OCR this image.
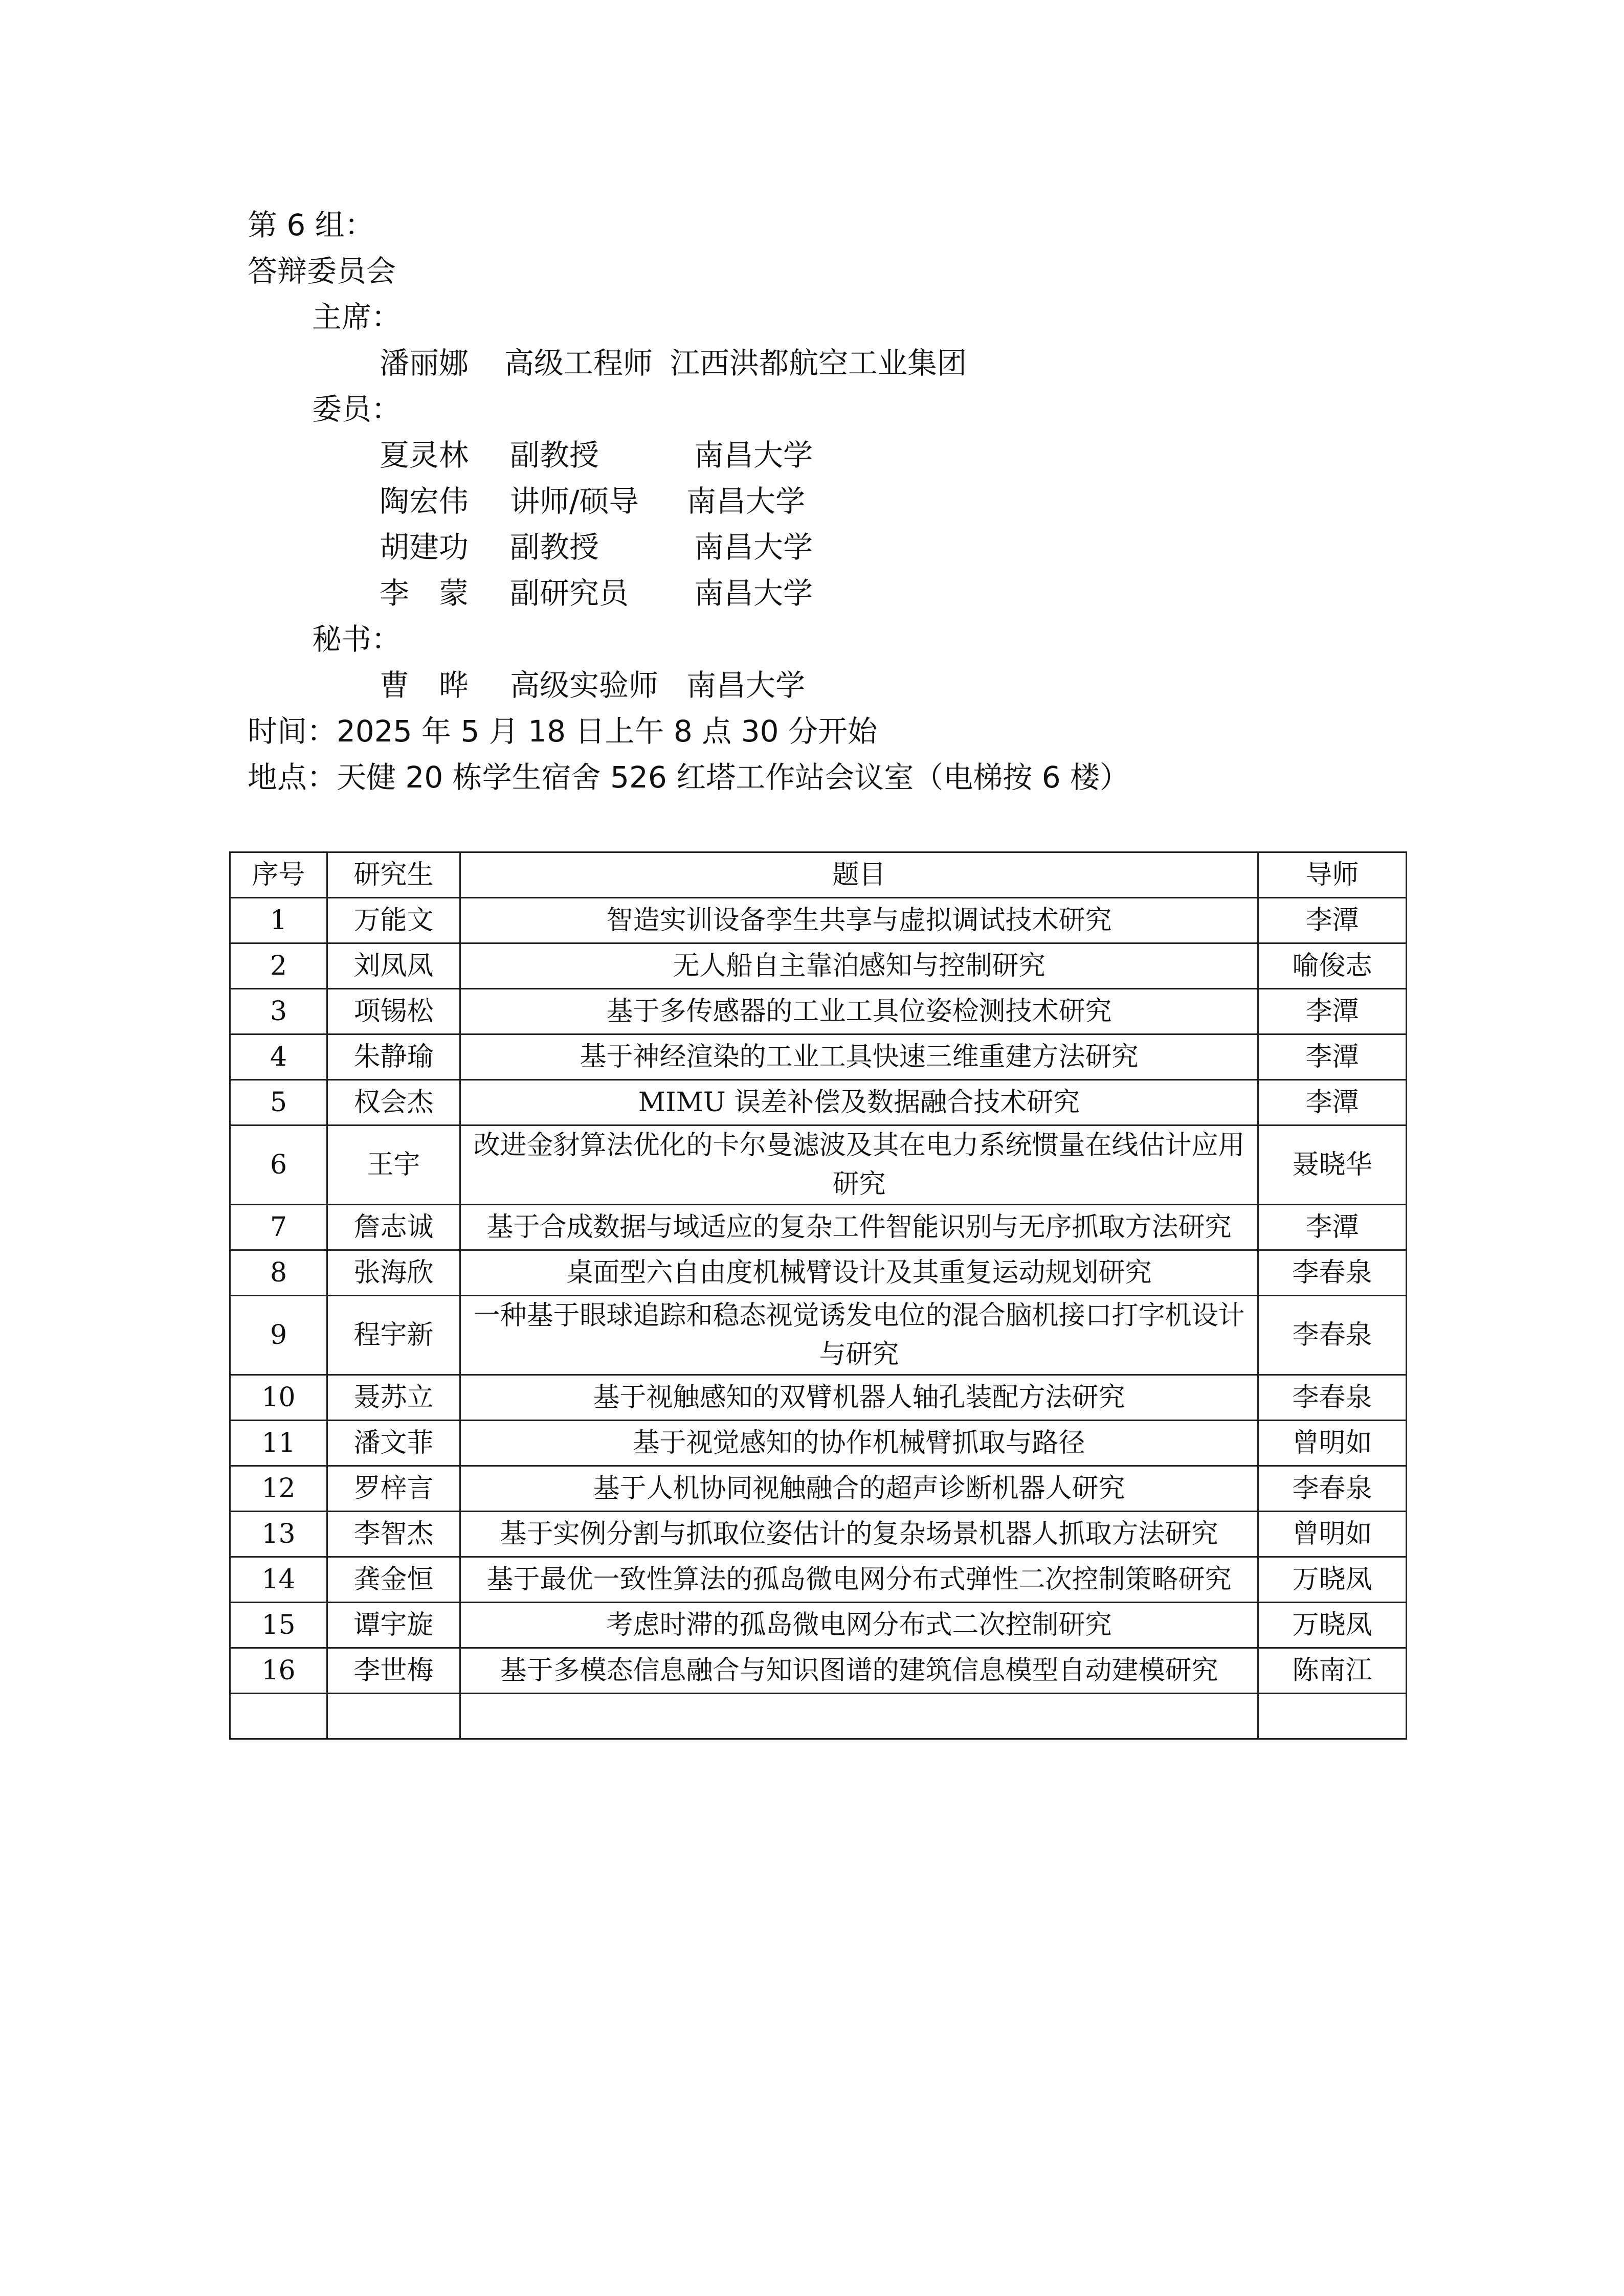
第 6 组：
答辩委员会
主席：
潘丽娜 高级工程师 江西洪都航空工业集团
委员：
夏灵林 副教授	南昌大学
陶宏伟 讲师/硕导 南昌大学
胡建功 副教授	南昌大学
李　蒙 副研究员 南昌大学
秘书：
曹　晔 高级实验师 南昌大学
时间：2025 年 5 月 18 日上午 8 点 30 分开始
地点：天健 20 栋学生宿舍 526 红塔工作站会议室（电梯按 6 楼）
序号	研究生	题目	导师
1	万能文	智造实训设备孪生共享与虚拟调试技术研究	李潭
2	刘凤凤	无人船自主靠泊感知与控制研究	喻俊志
3	项锡松	基于多传感器的工业工具位姿检测技术研究	李潭
4	朱静瑜	基于神经渲染的工业工具快速三维重建方法研究	李潭
5	权会杰	MIMU 误差补偿及数据融合技术研究	李潭
6	王宇	改进金豺算法优化的卡尔曼滤波及其在电力系统惯量在线估计应用研究	聂晓华
7	詹志诚	基于合成数据与域适应的复杂工件智能识别与无序抓取方法研究	李潭
8	张海欣	桌面型六自由度机械臂设计及其重复运动规划研究	李春泉
9	程宇新	一种基于眼球追踪和稳态视觉诱发电位的混合脑机接口打字机设计与研究	李春泉
10	聂苏立	基于视触感知的双臂机器人轴孔装配方法研究	李春泉
11	潘文菲	基于视觉感知的协作机械臂抓取与路径	曾明如
12	罗梓言	基于人机协同视触融合的超声诊断机器人研究	李春泉
13	李智杰	基于实例分割与抓取位姿估计的复杂场景机器人抓取方法研究	曾明如
14	龚金恒	基于最优一致性算法的孤岛微电网分布式弹性二次控制策略研究	万晓凤
15	谭宇旋	考虑时滞的孤岛微电网分布式二次控制研究	万晓凤
16	李世梅	基于多模态信息融合与知识图谱的建筑信息模型自动建模研究	陈南江
